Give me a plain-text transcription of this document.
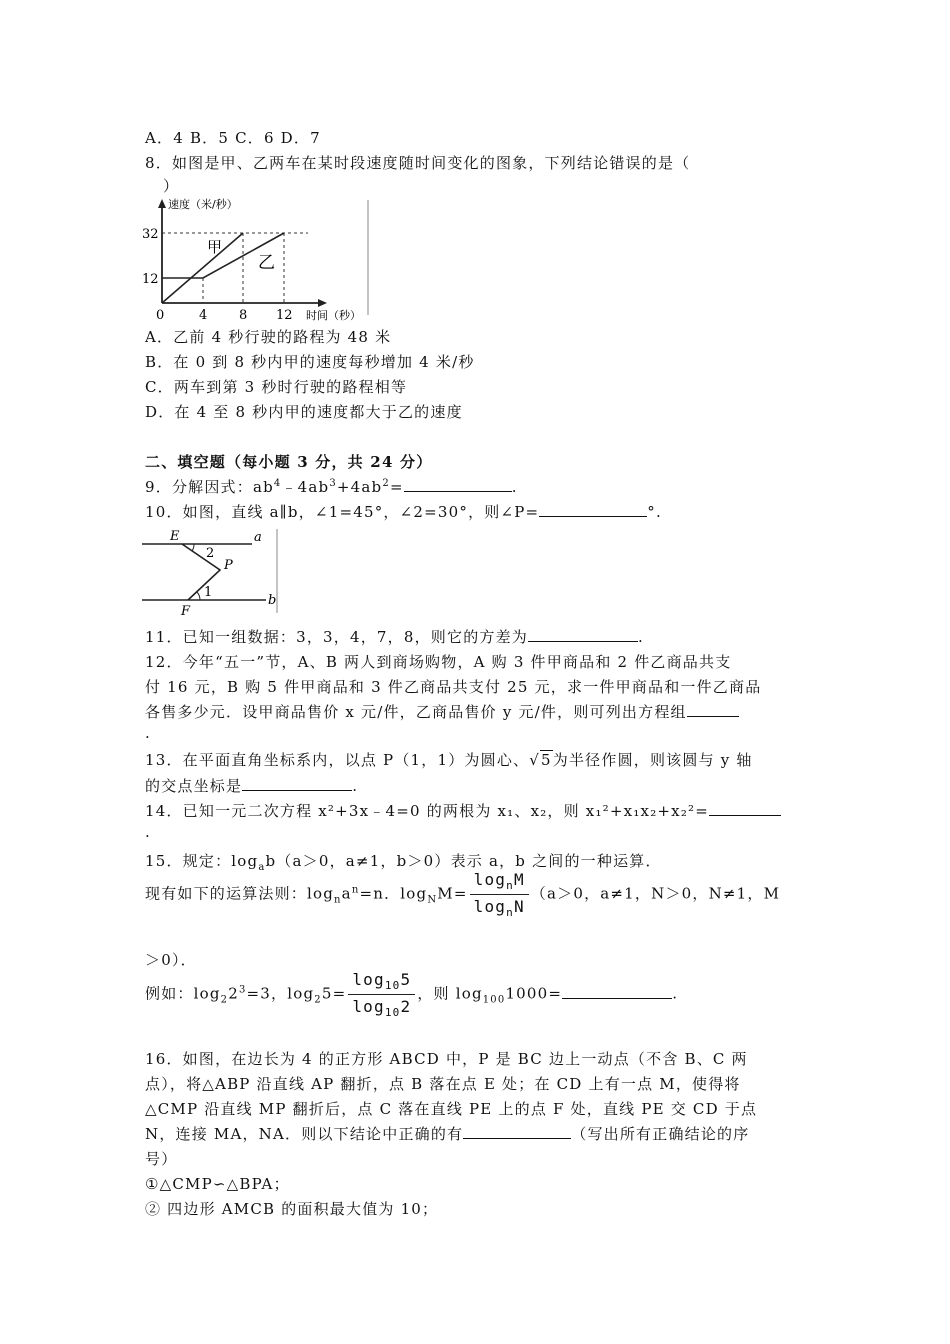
A．4 B．5 C．6 D．7
8．如图是甲、乙两车在某时段速度随时间变化的图象，下列结论错误的是（
）
速度（米/秒）
32
12
0	4 8 12 时间（秒）
甲
乙
A．乙前 4 秒行驶的路程为 48 米
B．在 0 到 8 秒内甲的速度每秒增加 4 米/秒
C．两车到第 3 秒时行驶的路程相等
D．在 4 至 8 秒内甲的速度都大于乙的速度
二、填空题（每小题 3 分，共 24 分）
9．分解因式：$ab^4﹣4ab^3+4ab^2=$	.
10．如图，直线 a∥b，∠1=45°，∠2=30°，则∠P=	°.
E	a
2
P
1
F
b
11．已知一组数据：3，3，4，7，8，则它的方差为	.
12．今年“五一”节，A、B 两人到商场购物，A 购 3 件甲商品和 2 件乙商品共支
付 16 元，B 购 5 件甲商品和 3 件乙商品共支付 25 元，求一件甲商品和一件乙商品
各售多少元．设甲商品售价 x 元/件，乙商品售价 y 元/件，则可列出方程组
.
13．在平面直角坐标系内，以点 P（1，1）为圆心、√5为半径作圆，则该圆与 y 轴
的交点坐标是	.
14．已知一元二次方程 x²+3x﹣4=0 的两根为 x₁、x₂，则 x₁²+x₁x₂+x₂²=
.
15．规定：$\log_ab(a>0$，a≠1，b＞0）表示 a，b 之间的一种运算．
现有如下的运算法则：$\log_na^n=n$．$\log_NM= \frac{\log_nM}{\log_nN} (a>0$，a≠1，N＞0，N≠1，M
＞0）．
例如：$\log_22^3=3$，$\log_25= \frac{\log_{10}5}{\log_{10}2}$ ，则 $\log_{100}1000=$	.
16．如图，在边长为 4 的正方形 ABCD 中，P 是 BC 边上一动点（不含 B、C 两
点），将△ABP 沿直线 AP 翻折，点 B 落在点 E 处；在 CD 上有一点 M，使得将
△CMP 沿直线 MP 翻折后，点 C 落在直线 PE 上的点 F 处，直线 PE 交 CD 于点
N，连接 MA，NA．则以下结论中正确的有	（写出所有正确结论的序
号）
①△CMP∽△BPA；
② 四边形 AMCB 的面积最大值为 10；
